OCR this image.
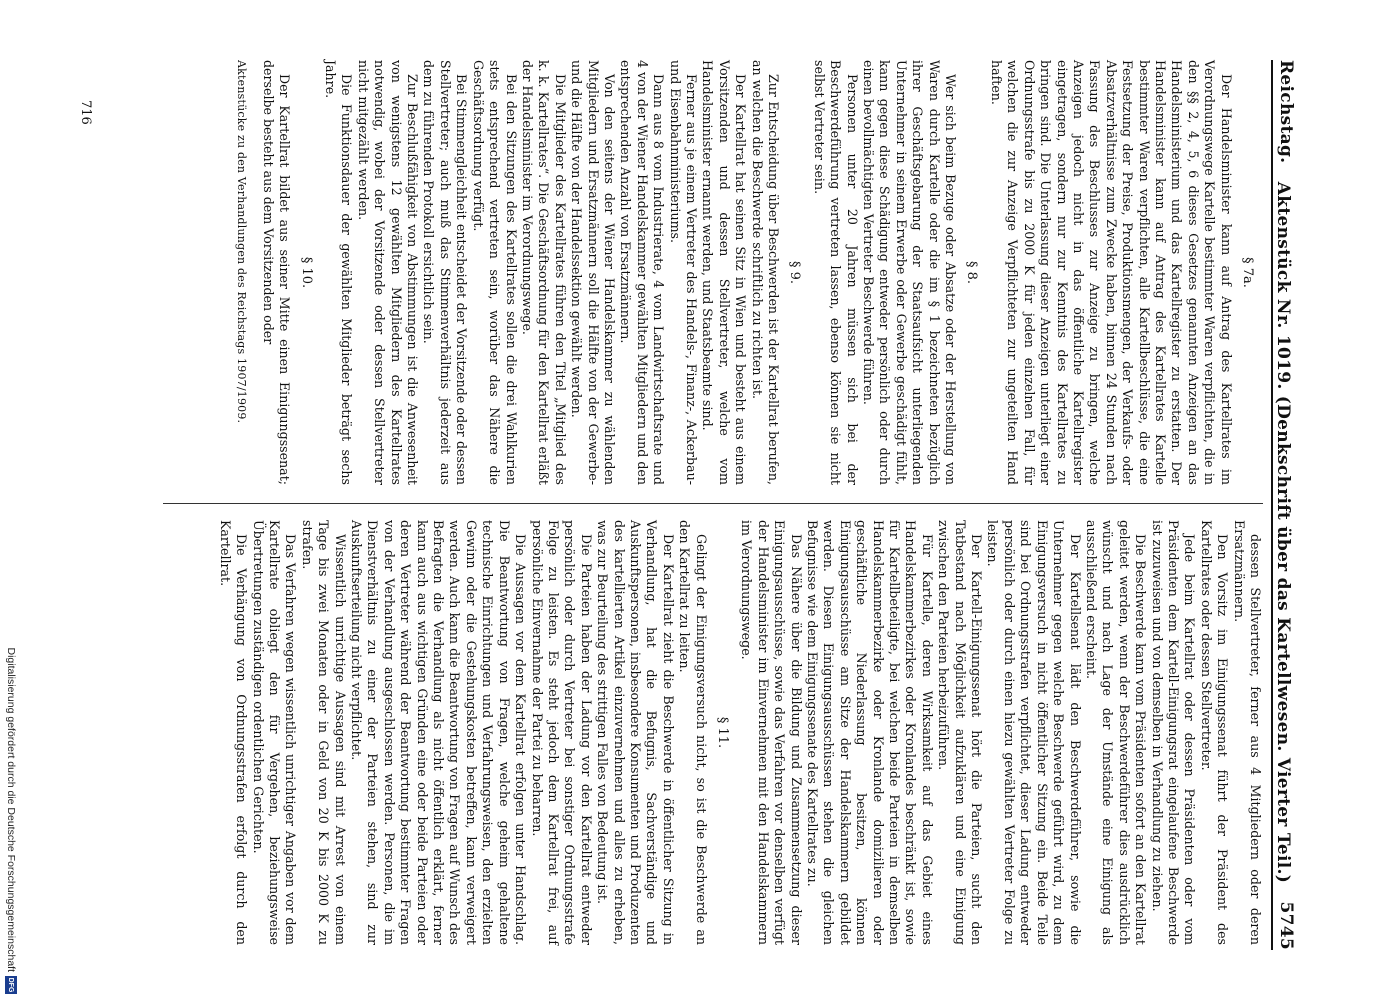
Reichstag.
Aktenstück Nr. 1019. (Denkschrift über das Kartellwesen. Vierter Teil.)
5745
§ 7a.

Der Handelsminister kann auf Antrag des Kartellrates im Verordnungswege Kartelle bestimmter Waren verpflichten, die in den §§ 2, 4, 5, 6 dieses Gesetzes genannten Anzeigen an das Handelsministerium und das Kartellregister zu erstatten. Der Handelsminister kann auf Antrag des Kartellrates Kartelle bestimmter Waren verpflichten, alle Kartellbeschlüsse, die eine Festsetzung der Preise, Produktionsmengen, der Verkaufs- oder Absatzverhältnisse zum Zwecke haben, binnen 24 Stunden nach Fassung des Beschlusses zur Anzeige zu bringen, welche Anzeigen jedoch nicht in das öffentliche Kartellregister eingetragen, sondern nur zur Kenntnis des Kartellrates zu bringen sind. Die Unterlassung dieser Anzeigen unterliegt einer Ordnungsstrafe bis zu 2000 K für jeden einzelnen Fall, für welchen die zur Anzeige Verpflichteten zur ungeteilten Hand haften.

§ 8.

Wer sich beim Bezuge oder Absatze oder der Herstellung von Waren durch Kartelle oder die im § 1 bezeichneten bezüglich ihrer Geschäftsgebarung der Staatsaufsicht unterliegenden Unternehmer in seinem Erwerbe oder Gewerbe geschädigt fühlt, kann gegen diese Schädigung entweder persönlich oder durch einen bevollmächtigten Vertreter Beschwerde führen.

Personen unter 20 Jahren müssen sich bei der Beschwerdeführung vertreten lassen, ebenso können sie nicht selbst Vertreter sein.

§ 9.

Zur Entscheidung über Beschwerden ist der Kartellrat berufen, an welchen die Beschwerde schriftlich zu richten ist.

Der Kartellrat hat seinen Sitz in Wien und besteht aus einem Vorsitzenden und dessen Stellvertreter, welche vom Handelsminister ernannt werden, und Staatsbeamte sind.

Ferner aus je einem Vertreter des Handels-, Finanz-, Ackerbau- und Eisenbahnministeriums.

Dann aus 8 vom Industrierate, 4 vom Landwirtschaftsrate und 4 von der Wiener Handelskammer gewählten Mitgliedern und den entsprechenden Anzahl von Ersatzmännern.

Von den seitens der Wiener Handelskammer zu wählenden Mitgliedern und Ersatzmännern soll die Hälfte von der Gewerbe- und die Hälfte von der Handelssektion gewählt werden.

Die Mitglieder des Kartellrates führen den Titel „Mitglied des k. k. Kartellrates“. Die Geschäftsordnung für den Kartellrat erläßt der Handelsminister im Verordnungswege.

Bei den Sitzungen des Kartellrates sollen die drei Wahlkurien stets entsprechend vertreten sein, worüber das Nähere die Geschäftsordnung verfügt.

Bei Stimmengleichheit entscheidet der Vorsitzende oder dessen Stellvertreter; auch muß das Stimmenverhältnis jederzeit aus dem zu führenden Protokoll ersichtlich sein.

Zur Beschlußfähigkeit von Abstimmungen ist die Anwesenheit von wenigstens 12 gewählten Mitgliedern des Kartellrates notwendig, wobei der Vorsitzende oder dessen Stellvertreter nicht mitgezählt werden.

Die Funktionsdauer der gewählten Mitglieder beträgt sechs Jahre.

§ 10.

Der Kartellrat bildet aus seiner Mitte einen Einigungssenat; derselbe besteht aus dem Vorsitzenden oder

Aktenstücke zu den Verhandlungen des Reichstags 1907/1909.

dessen Stellvertreter, ferner aus 4 Mitgliedern oder deren Ersatzmännern.

Den Vorsitz im Einigungssenat führt der Präsident des Kartellrates oder dessen Stellvertreter.

Jede beim Kartellrat oder dessen Präsidenten oder vom Präsidenten dem Kartell-Einigungsrat eingelaufene Beschwerde ist zuzuweisen und von demselben in Verhandlung zu ziehen.

Die Beschwerde kann vom Präsidenten sofort an den Kartellrat geleitet werden, wenn der Beschwerdeführer dies ausdrücklich wünscht und nach Lage der Umstände eine Einigung als ausschließend erscheint.

Der Kartellsenat lädt den Beschwerdeführer, sowie die Unternehmer gegen welche Beschwerde geführt wird, zu dem Einigungsversuch in nicht öffentlicher Sitzung ein. Beide Teile sind bei Ordnungsstrafen verpflichtet, dieser Ladung entweder persönlich oder durch einen hiezu gewählten Vertreter Folge zu leisten.

Der Kartell-Einigungssenat hört die Parteien, sucht den Tatbestand nach Möglichkeit aufzuklären und eine Einigung zwischen den Parteien herbeizuführen.

Für Kartelle, deren Wirksamkeit auf das Gebiet eines Handelskammerbezirkes oder Kronlandes beschränkt ist, sowie für Kartellbeteiligte, bei welchen beide Parteien in demselben Handelskammerbezirke oder Kronlande domizilieren oder geschäftliche Niederlassung besitzen, können Einigungsausschüsse am Sitze der Handelskammern gebildet werden. Diesen Einigungsausschüssen stehen die gleichen Befugnisse wie dem Einigungssenate des Kartellrates zu.

Das Nähere über die Bildung und Zusammensetzung dieser Einigungsausschüsse, sowie das Verfahren vor denselben verfügt der Handelsminister im Einvernehmen mit den Handelskammern im Verordnungswege.

§ 11.

Gelingt der Einigungsversuch nicht, so ist die Beschwerde an den Kartellrat zu leiten.

Der Kartellrat zieht die Beschwerde in öffentlicher Sitzung in Verhandlung, hat die Befugnis, Sachverständige und Auskunftspersonen, insbesondere Konsumenten und Produzenten des kartellierten Artikel einzuvernehmen und alles zu erheben, was zur Beurteilung des strittigen Falles von Bedeutung ist.

Die Parteien haben der Ladung vor den Kartellrat entweder persönlich oder durch Vertreter bei sonstiger Ordnungsstrafe Folge zu leisten. Es steht jedoch dem Kartellrat frei, auf persönliche Einvernahme der Partei zu beharren.

Die Aussagen vor dem Kartellrat erfolgen unter Handschlag. Die Beantwortung von Fragen, welche geheim gehaltene technische Einrichtungen und Verfahrungsweisen, den erzielten Gewinn oder die Gestehungskosten betreffen, kann verweigert werden. Auch kann die Beantwortung von Fragen auf Wunsch des Befragten die Verhandlung als nicht öffentlich erklärt, ferner kann auch aus wichtigen Gründen eine oder beide Parteien oder deren Vertreter während der Beantwortung bestimmter Fragen von der Verhandlung ausgeschlossen werden. Personen, die im Dienstverhältnis zu einer der Parteien stehen, sind zur Auskunftserteilung nicht verpflichtet.

Wissentlich unrichtige Aussagen sind mit Arrest von einem Tage bis zwei Monaten oder in Geld von 20 K bis 2000 K zu strafen.

Das Verfahren wegen wissentlich unrichtiger Angaben vor dem Kartellrate obliegt den für Vergehen, beziehungsweise Übertretungen zuständigen ordentlichen Gerichten.

Die Verhängung von Ordnungsstrafen erfolgt durch den Kartellrat.

716
Digitalisierung gefördert durch die Deutsche Forschungsgemeinschaft
DFG
